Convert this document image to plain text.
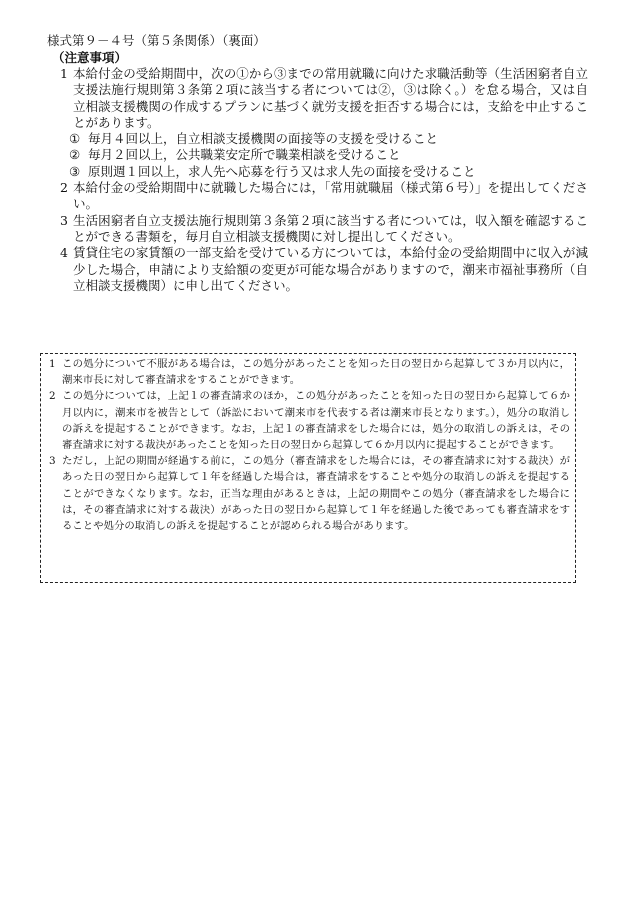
様式第９－４号（第５条関係）（裏面）
（注意事項）
1 本給付金の受給期間中，次の①から③までの常用就職に向けた求職活動等（生活困窮者自立支援法施行規則第３条第２項に該当する者については②，③は除く。）を怠る場合，又は自立相談支援機関の作成するプランに基づく就労支援を拒否する場合には，支給を中止することがあります。
① 毎月４回以上，自立相談支援機関の面接等の支援を受けること
② 毎月２回以上，公共職業安定所で職業相談を受けること
③ 原則週１回以上，求人先へ応募を行う又は求人先の面接を受けること
2 本給付金の受給期間中に就職した場合には，「常用就職届（様式第６号）」を提出してください。
3 生活困窮者自立支援法施行規則第３条第２項に該当する者については，収入額を確認することができる書類を，毎月自立相談支援機関に対し提出してください。
4 賃貸住宅の家賃額の一部支給を受けている方については，本給付金の受給期間中に収入が減少した場合，申請により支給額の変更が可能な場合がありますので，潮来市福祉事務所（自立相談支援機関）に申し出てください。
1 この処分について不服がある場合は，この処分があったことを知った日の翌日から起算して３か月以内に，潮来市長に対して審査請求をすることができます。
2 この処分については，上記１の審査請求のほか，この処分があったことを知った日の翌日から起算して６か月以内に，潮来市を被告として（訴訟において潮来市を代表する者は潮来市長となります。），処分の取消しの訴えを提起することができます。なお，上記１の審査請求をした場合には，処分の取消しの訴えは，その審査請求に対する裁決があったことを知った日の翌日から起算して６か月以内に提起することができます。
3 ただし，上記の期間が経過する前に，この処分（審査請求をした場合には，その審査請求に対する裁決）があった日の翌日から起算して１年を経過した場合は，審査請求をすることや処分の取消しの訴えを提起することができなくなります。なお，正当な理由があるときは，上記の期間やこの処分（審査請求をした場合には，その審査請求に対する裁決）があった日の翌日から起算して１年を経過した後であっても審査請求をすることや処分の取消しの訴えを提起することが認められる場合があります。
